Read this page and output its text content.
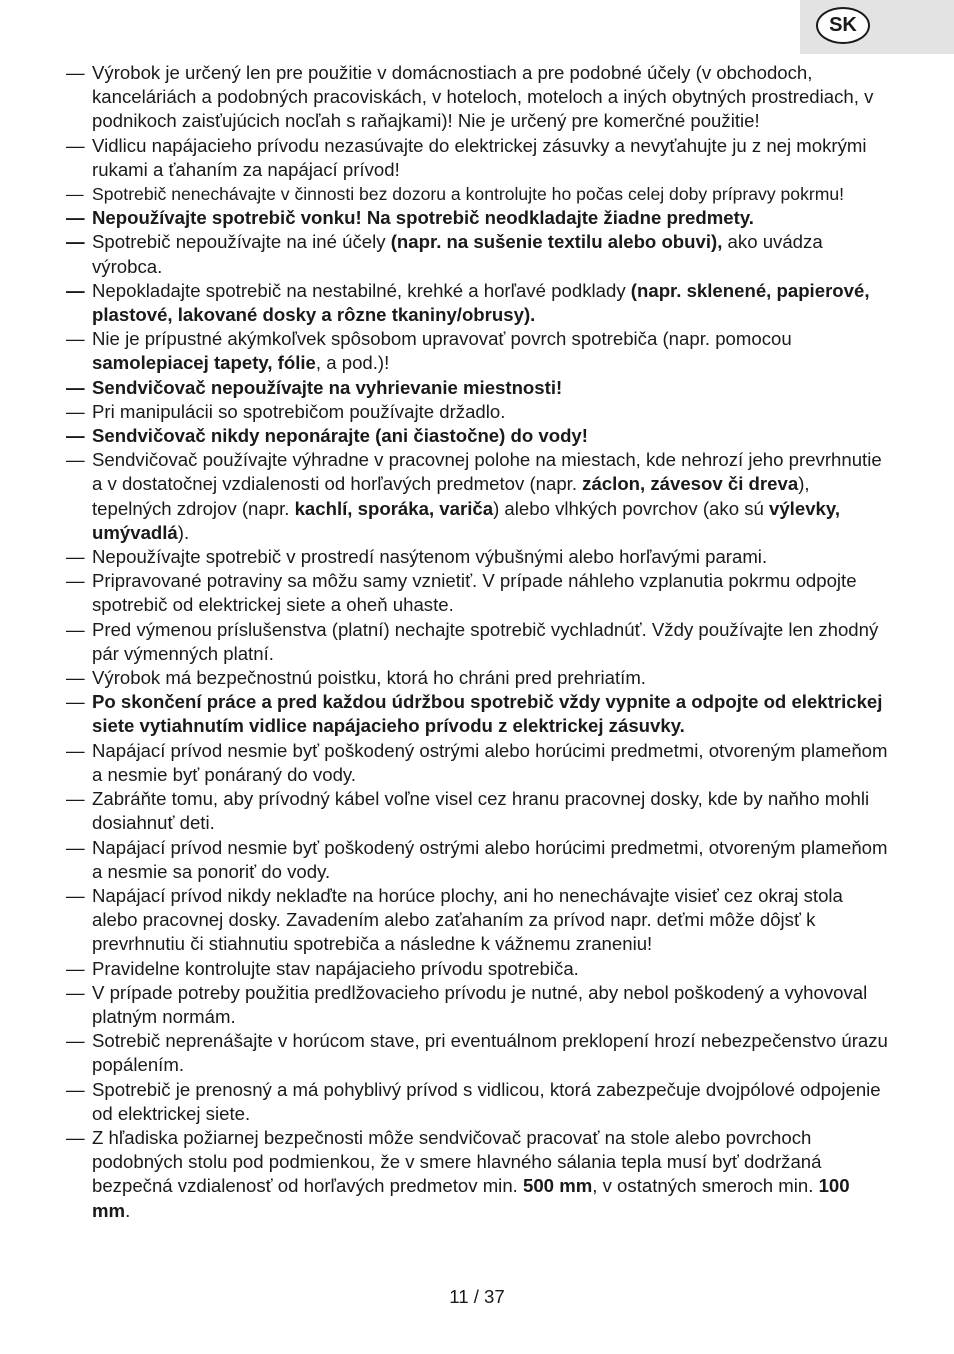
SK
— Výrobok je určený len pre použitie v domácnostiach a pre podobné účely (v obchodoch, kanceláriách a podobných pracoviskách, v hoteloch, moteloch a iných obytných prostrediach, v podnikoch zaisťujúcich nocľah s raňajkami)! Nie je určený pre komerčné použitie!
— Vidlicu napájacieho prívodu nezasúvajte do elektrickej zásuvky a nevyťahujte ju z nej mokrými rukami a ťahaním za napájací prívod!
— Spotrebič nenechávajte v činnosti bez dozoru a kontrolujte ho počas celej doby prípravy pokrmu!
— Nepoužívajte spotrebič vonku! Na spotrebič neodkladajte žiadne predmety.
— Spotrebič nepoužívajte na iné účely (napr. na sušenie textilu alebo obuvi), ako uvádza výrobca.
— Nepokladajte spotrebič na nestabilné, krehké a horľavé podklady (napr. sklenené, papierové, plastové, lakované dosky a rôzne tkaniny/obrusy).
— Nie je prípustné akýmkoľvek spôsobom upravovať povrch spotrebiča (napr. pomocou samolepiacej tapety, fólie, a pod.)!
— Sendvičovač nepoužívajte na vyhrievanie miestnosti!
— Pri manipulácii so spotrebičom používajte držadlo.
— Sendvičovač nikdy neponárajte (ani čiastočne) do vody!
— Sendvičovač používajte výhradne v pracovnej polohe na miestach, kde nehrozí jeho prevrhnutie a v dostatočnej vzdialenosti od horľavých predmetov (napr. záclon, závesov či dreva), tepelných zdrojov (napr. kachlí, sporáka, variča) alebo vlhkých povrchov (ako sú výlevky, umývadlá).
— Nepoužívajte spotrebič v prostredí nasýtenom výbušnými alebo horľavými parami.
— Pripravované potraviny sa môžu samy vznietiť. V prípade náhleho vzplanutia pokrmu odpojte spotrebič od elektrickej siete a oheň uhaste.
— Pred výmenou príslušenstva (platní) nechajte spotrebič vychladnúť. Vždy používajte len zhodný pár výmenných platní.
— Výrobok má bezpečnostnú poistku, ktorá ho chráni pred prehriatím.
— Po skončení práce a pred každou údržbou spotrebič vždy vypnite a odpojte od elektrickej siete vytiahnutím vidlice napájacieho prívodu z elektrickej zásuvky.
— Napájací prívod nesmie byť poškodený ostrými alebo horúcimi predmetmi, otvoreným plameňom a nesmie byť ponáraný do vody.
— Zabráňte tomu, aby prívodný kábel voľne visel cez hranu pracovnej dosky, kde by naňho mohli dosiahnuť deti.
— Napájací prívod nesmie byť poškodený ostrými alebo horúcimi predmetmi, otvoreným plameňom a nesmie sa ponoriť do vody.
— Napájací prívod nikdy neklaďte na horúce plochy, ani ho nenechávajte visieť cez okraj stola alebo pracovnej dosky. Zavadením alebo zaťahaním za prívod napr. deťmi môže dôjsť k prevrhnutiu či stiahnutiu spotrebiča a následne k vážnemu zraneniu!
— Pravidelne kontrolujte stav napájacieho prívodu spotrebiča.
— V prípade potreby použitia predlžovacieho prívodu je nutné, aby nebol poškodený a vyhovoval platným normám.
— Sotrebič neprenášajte v horúcom stave, pri eventuálnom preklopení hrozí nebezpečenstvo úrazu popálením.
— Spotrebič je prenosný a má pohyblivý prívod s vidlicou, ktorá zabezpečuje dvojpólové odpojenie od elektrickej siete.
— Z hľadiska požiarnej bezpečnosti môže sendvičovač pracovať na stole alebo povrchoch podobných stolu pod podmienkou, že v smere hlavného sálania tepla musí byť dodržaná bezpečná vzdialenosť od horľavých predmetov min. 500 mm, v ostatných smeroch min. 100 mm.
11 / 37
